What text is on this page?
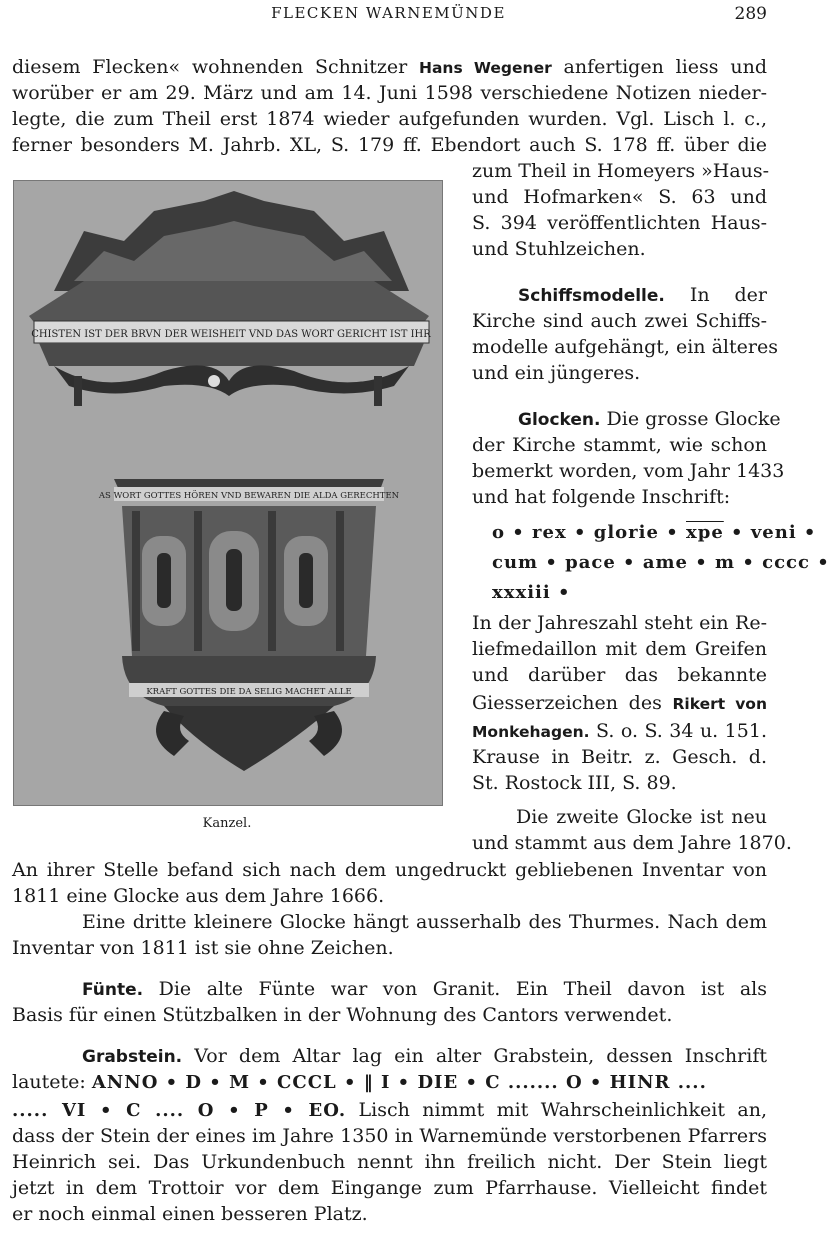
FLECKEN WARNEMÜNDE	289
diesem Flecken« wohnenden Schnitzer Hans Wegener anfertigen liess und
worüber er am 29. März und am 14. Juni 1598 verschiedene Notizen nieder-
legte, die zum Theil erst 1874 wieder aufgefunden wurden. Vgl. Lisch l. c.,
ferner besonders M. Jahrb. XL, S. 179 ff. Ebendort auch S. 178 ff. über die
zum Theil in Homeyers »Haus-
und Hofmarken« S. 63 und
S. 394 veröffentlichten Haus-
und Stuhlzeichen.
Schiffsmodelle. In der
Kirche sind auch zwei Schiffs-
modelle aufgehängt, ein älteres
und ein jüngeres.
Glocken. Die grosse Glocke
der Kirche stammt, wie schon
bemerkt worden, vom Jahr 1433
und hat folgende Inschrift:
o • rex • glorie • $\overline{xpe}$ • veni •
cum • pace • ame • m • cccc •
xxxiii •
In der Jahreszahl steht ein Re-
liefmedaillon mit dem Greifen
und darüber das bekannte
Giesserzeichen des Rikert von
Monkehagen. S. o. S. 34 u. 151.
Krause in Beitr. z. Gesch. d.
St. Rostock III, S. 89.
Die zweite Glocke ist neu
und stammt aus dem Jahre 1870.
CHISTEN IST DER BRVN DER WEISHEIT VND DAS WORT GERICHT IST IHR
AS WORT GOTTES HÖREN VND BEWAREN DIE ALDA GERECHTEN
KRAFT GOTTES DIE DA SELIG MACHET ALLE
Kanzel.
An ihrer Stelle befand sich nach dem ungedruckt gebliebenen Inventar von
1811 eine Glocke aus dem Jahre 1666.
Eine dritte kleinere Glocke hängt ausserhalb des Thurmes. Nach dem
Inventar von 1811 ist sie ohne Zeichen.
Fünte. Die alte Fünte war von Granit. Ein Theil davon ist als
Basis für einen Stützbalken in der Wohnung des Cantors verwendet.
Grabstein. Vor dem Altar lag ein alter Grabstein, dessen Inschrift
lautete: ANNO • D • M • CCCL • ‖ I • DIE • C ....... O • HINR ....
..... VI • C .... O • P • EO. Lisch nimmt mit Wahrscheinlichkeit an,
dass der Stein der eines im Jahre 1350 in Warnemünde verstorbenen Pfarrers
Heinrich sei. Das Urkundenbuch nennt ihn freilich nicht. Der Stein liegt
jetzt in dem Trottoir vor dem Eingange zum Pfarrhause. Vielleicht findet
er noch einmal einen besseren Platz.
